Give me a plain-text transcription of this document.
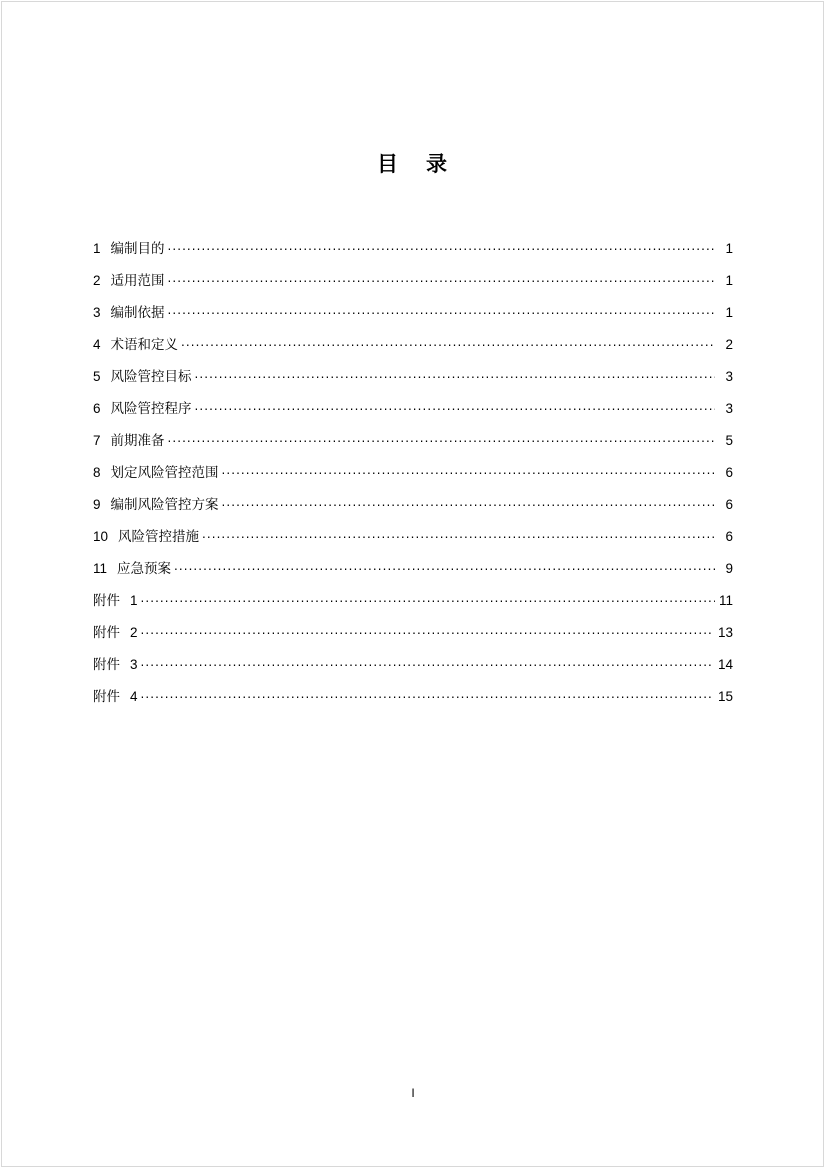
目 录
1 编制目的 .....	1
2 适用范围 .....	1
3 编制依据 .....	1
4 术语和定义 .....	2
5 风险管控目标 .....	3
6 风险管控程序 .....	3
7 前期准备 .....	5
8 划定风险管控范围 .....	6
9 编制风险管控方案 .....	6
10 风险管控措施 .....	6
11 应急预案 .....	9
附件 1 .....	11
附件 2 .....	13
附件 3 .....	14
附件 4 .....	15
I
